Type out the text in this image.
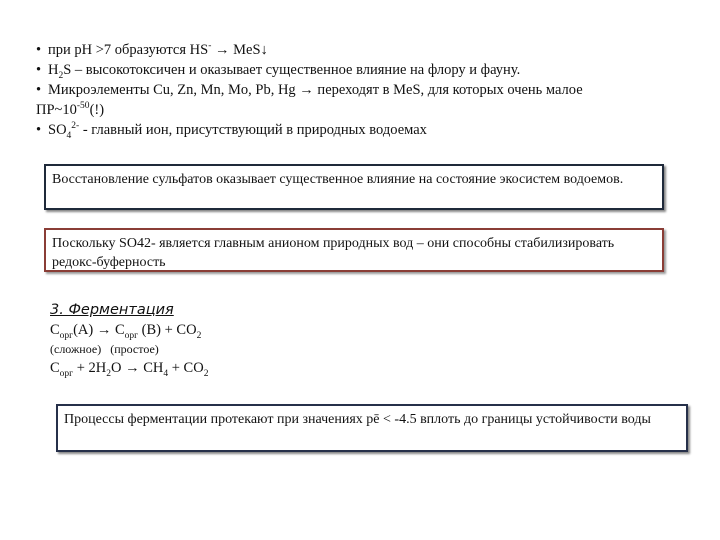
• при pH >7 образуются HS- → MeS↓
• $H_2S$ – высокотоксичен и оказывает существенное влияние на флору и фауну.
• Микроэлементы Cu, Zn, Mn, Mo, Pb, Hg → переходят в MeS, для которых очень малое
$ПР\sim 10^{-50}(!)$
• $SO_4^{2-}$ - главный ион, присутствующий в природных водоемах
Восстановление сульфатов оказывает существенное влияние на состояние экосистем водоемов.
Поскольку SO42- является главным анионом природных вод – они способны стабилизировать редокс-буферность
3. Ферментация
$C_{орг}(A) \to C_{орг}$ $(B) + CO_2$
(сложное)   (простое)
$C_{орг} + 2H_2O \to CH_4 + CO_2$
Процессы ферментации протекают при значениях pē < -4.5 вплоть до границы устойчивости воды
